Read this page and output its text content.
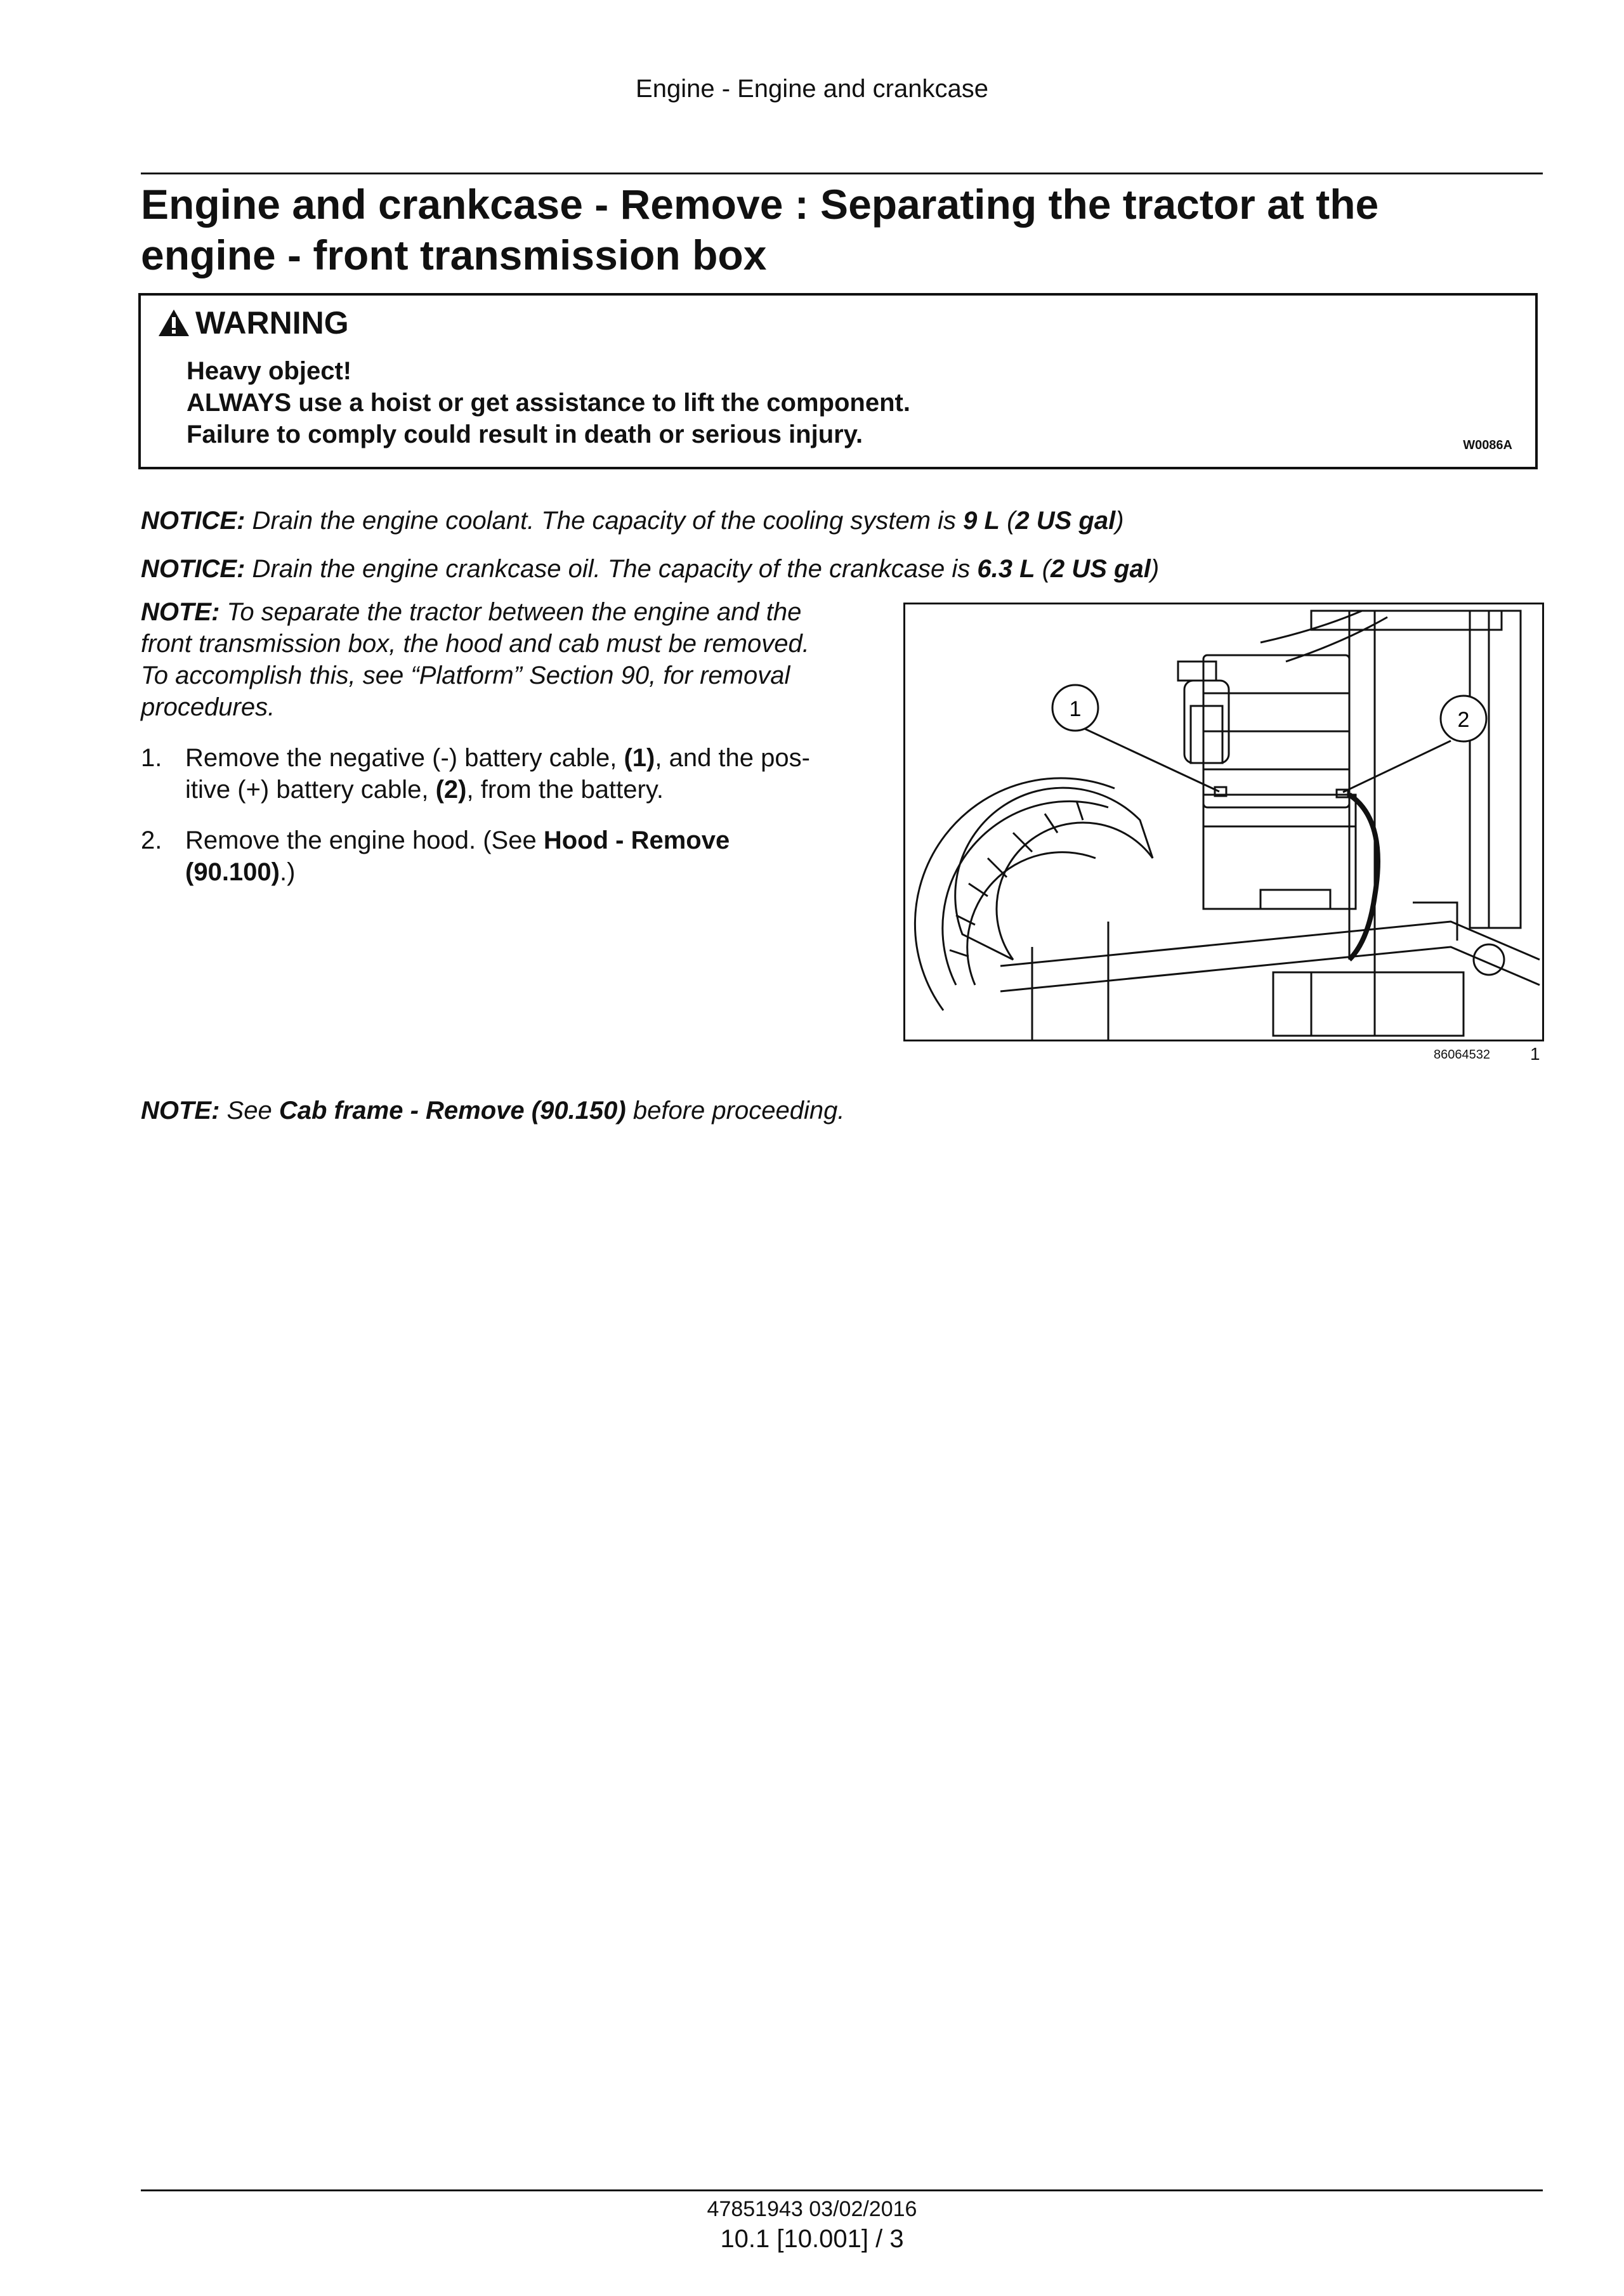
Engine - Engine and crankcase
Engine and crankcase - Remove : Separating the tractor at the
engine - front transmission box
WARNING
Heavy object!
ALWAYS use a hoist or get assistance to lift the component.
Failure to comply could result in death or serious injury.	W0086A
NOTICE: Drain the engine coolant. The capacity of the cooling system is 9 L (2 US gal)
NOTICE: Drain the engine crankcase oil. The capacity of the crankcase is 6.3 L (2 US gal)
NOTE: To separate the tractor between the engine and the
front transmission box, the hood and cab must be removed.
To accomplish this, see “Platform” Section 90, for removal
procedures.
1. Remove the negative (-) battery cable, (1), and the pos-
itive (+) battery cable, (2), from the battery.
2. Remove the engine hood. (See Hood - Remove
(90.100).)
1	2
86064532 1
NOTE: See Cab frame - Remove (90.150) before proceeding.
47851943 03/02/2016
10.1 [10.001] / 3
